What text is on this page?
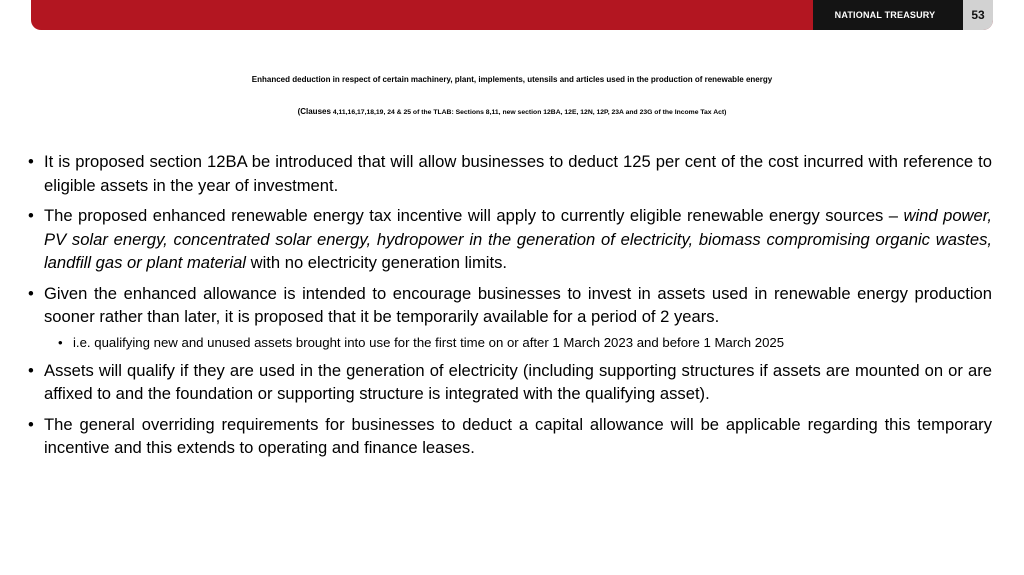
NATIONAL TREASURY	53
Enhanced deduction in respect of certain machinery, plant, implements, utensils and articles used in the production of renewable energy
(Clauses 4,11,16,17,18,19, 24 & 25 of the TLAB: Sections 8,11, new section 12BA, 12E, 12N, 12P, 23A and 23G of the Income Tax Act)
• It is proposed section 12BA be introduced that will allow businesses to deduct 125 per cent of the cost incurred with reference to eligible assets in the year of investment.
• The proposed enhanced renewable energy tax incentive will apply to currently eligible renewable energy sources – wind power, PV solar energy, concentrated solar energy, hydropower in the generation of electricity, biomass compromising organic wastes, landfill gas or plant material with no electricity generation limits.
• Given the enhanced allowance is intended to encourage businesses to invest in assets used in renewable energy production sooner rather than later, it is proposed that it be temporarily available for a period of 2 years.
• i.e. qualifying new and unused assets brought into use for the first time on or after 1 March 2023 and before 1 March 2025
• Assets will qualify if they are used in the generation of electricity (including supporting structures if assets are mounted on or are affixed to and the foundation or supporting structure is integrated with the qualifying asset).
• The general overriding requirements for businesses to deduct a capital allowance will be applicable regarding this temporary incentive and this extends to operating and finance leases.
